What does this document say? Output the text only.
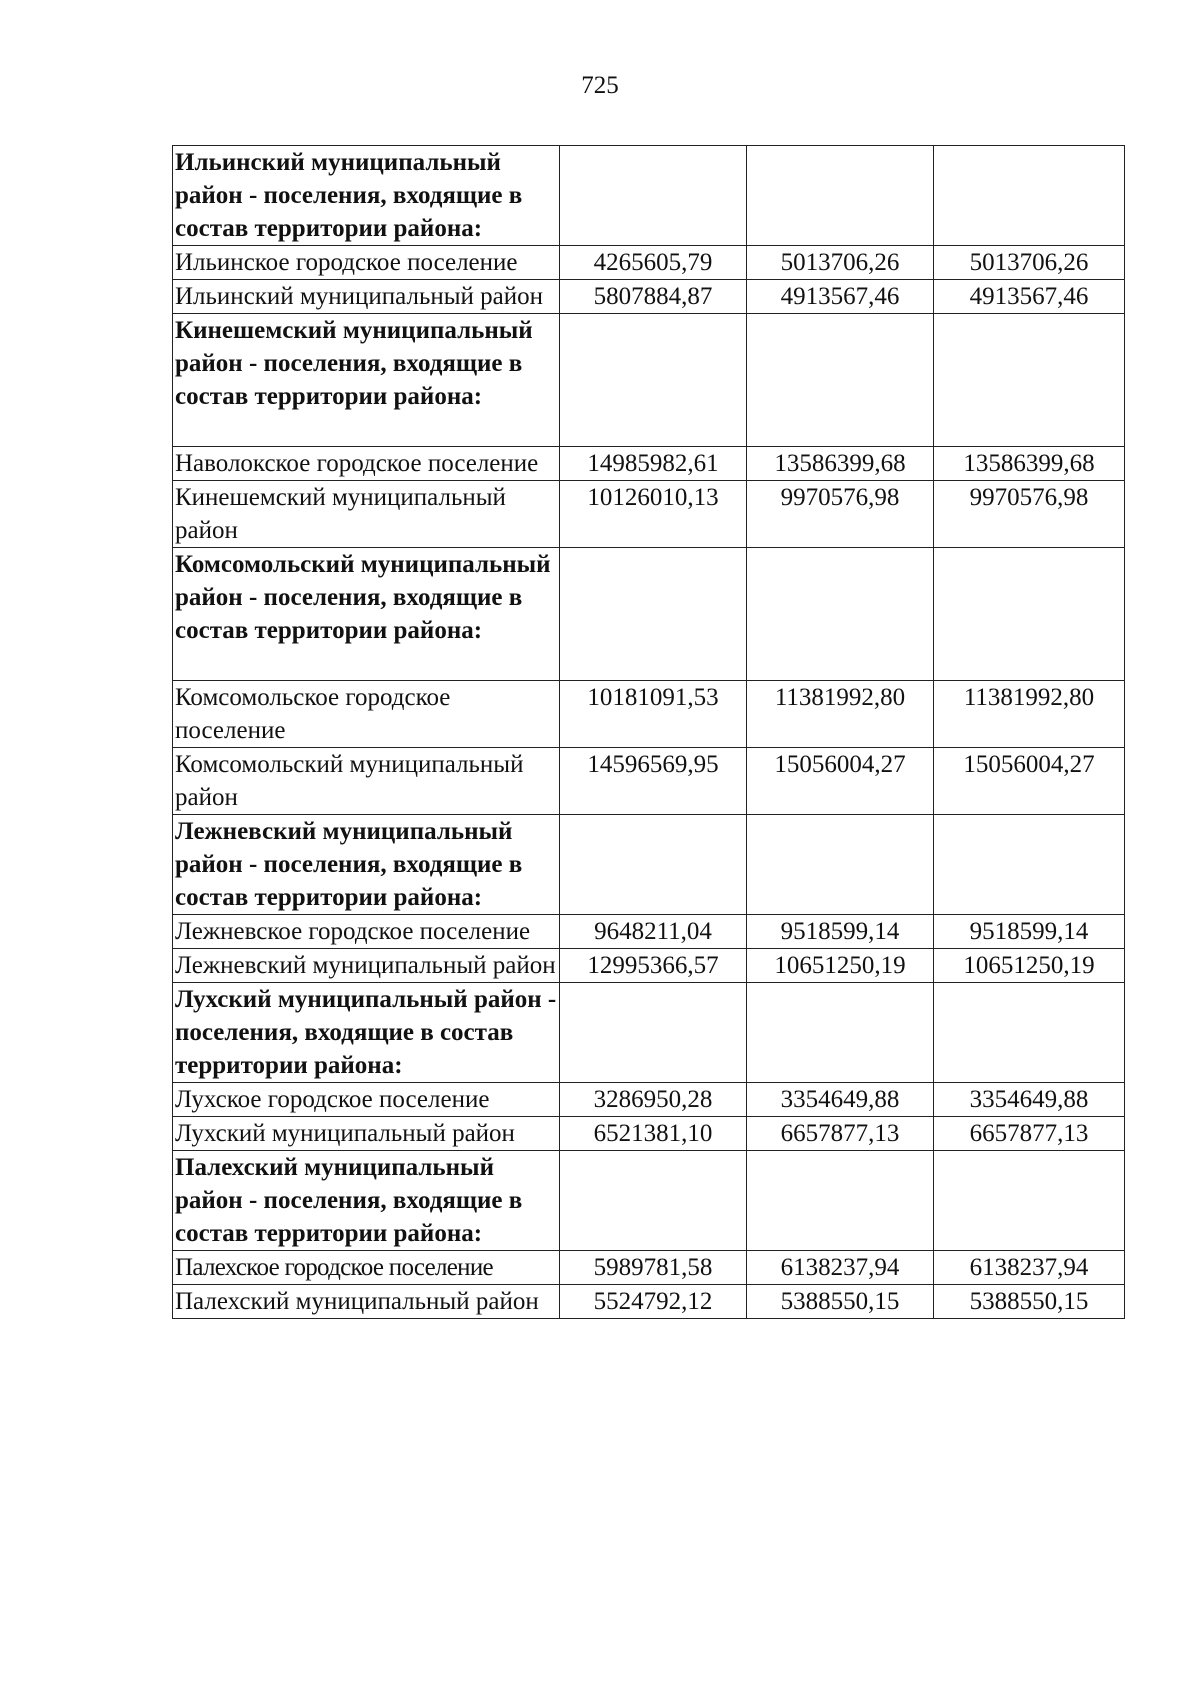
725
Ильинский муниципальный район - поселения, входящие в состав территории района:			
Ильинское городское поселение	4265605,79	5013706,26	5013706,26
Ильинский муниципальный район	5807884,87	4913567,46	4913567,46
Кинешемский муниципальный район - поселения, входящие в состав территории района:			
Наволокское городское поселение	14985982,61	13586399,68	13586399,68
Кинешемский муниципальный район	10126010,13	9970576,98	9970576,98
Комсомольский муниципальный район - поселения, входящие в состав территории района:			
Комсомольское городское поселение	10181091,53	11381992,80	11381992,80
Комсомольский муниципальный район	14596569,95	15056004,27	15056004,27
Лежневский муниципальный район - поселения, входящие в состав территории района:			
Лежневское городское поселение	9648211,04	9518599,14	9518599,14
Лежневский муниципальный район	12995366,57	10651250,19	10651250,19
Лухский муниципальный район - поселения, входящие в состав территории района:			
Лухское городское поселение	3286950,28	3354649,88	3354649,88
Лухский муниципальный район	6521381,10	6657877,13	6657877,13
Палехский муниципальный район - поселения, входящие в состав территории района:			
Палехское городское поселение	5989781,58	6138237,94	6138237,94
Палехский муниципальный район	5524792,12	5388550,15	5388550,15
